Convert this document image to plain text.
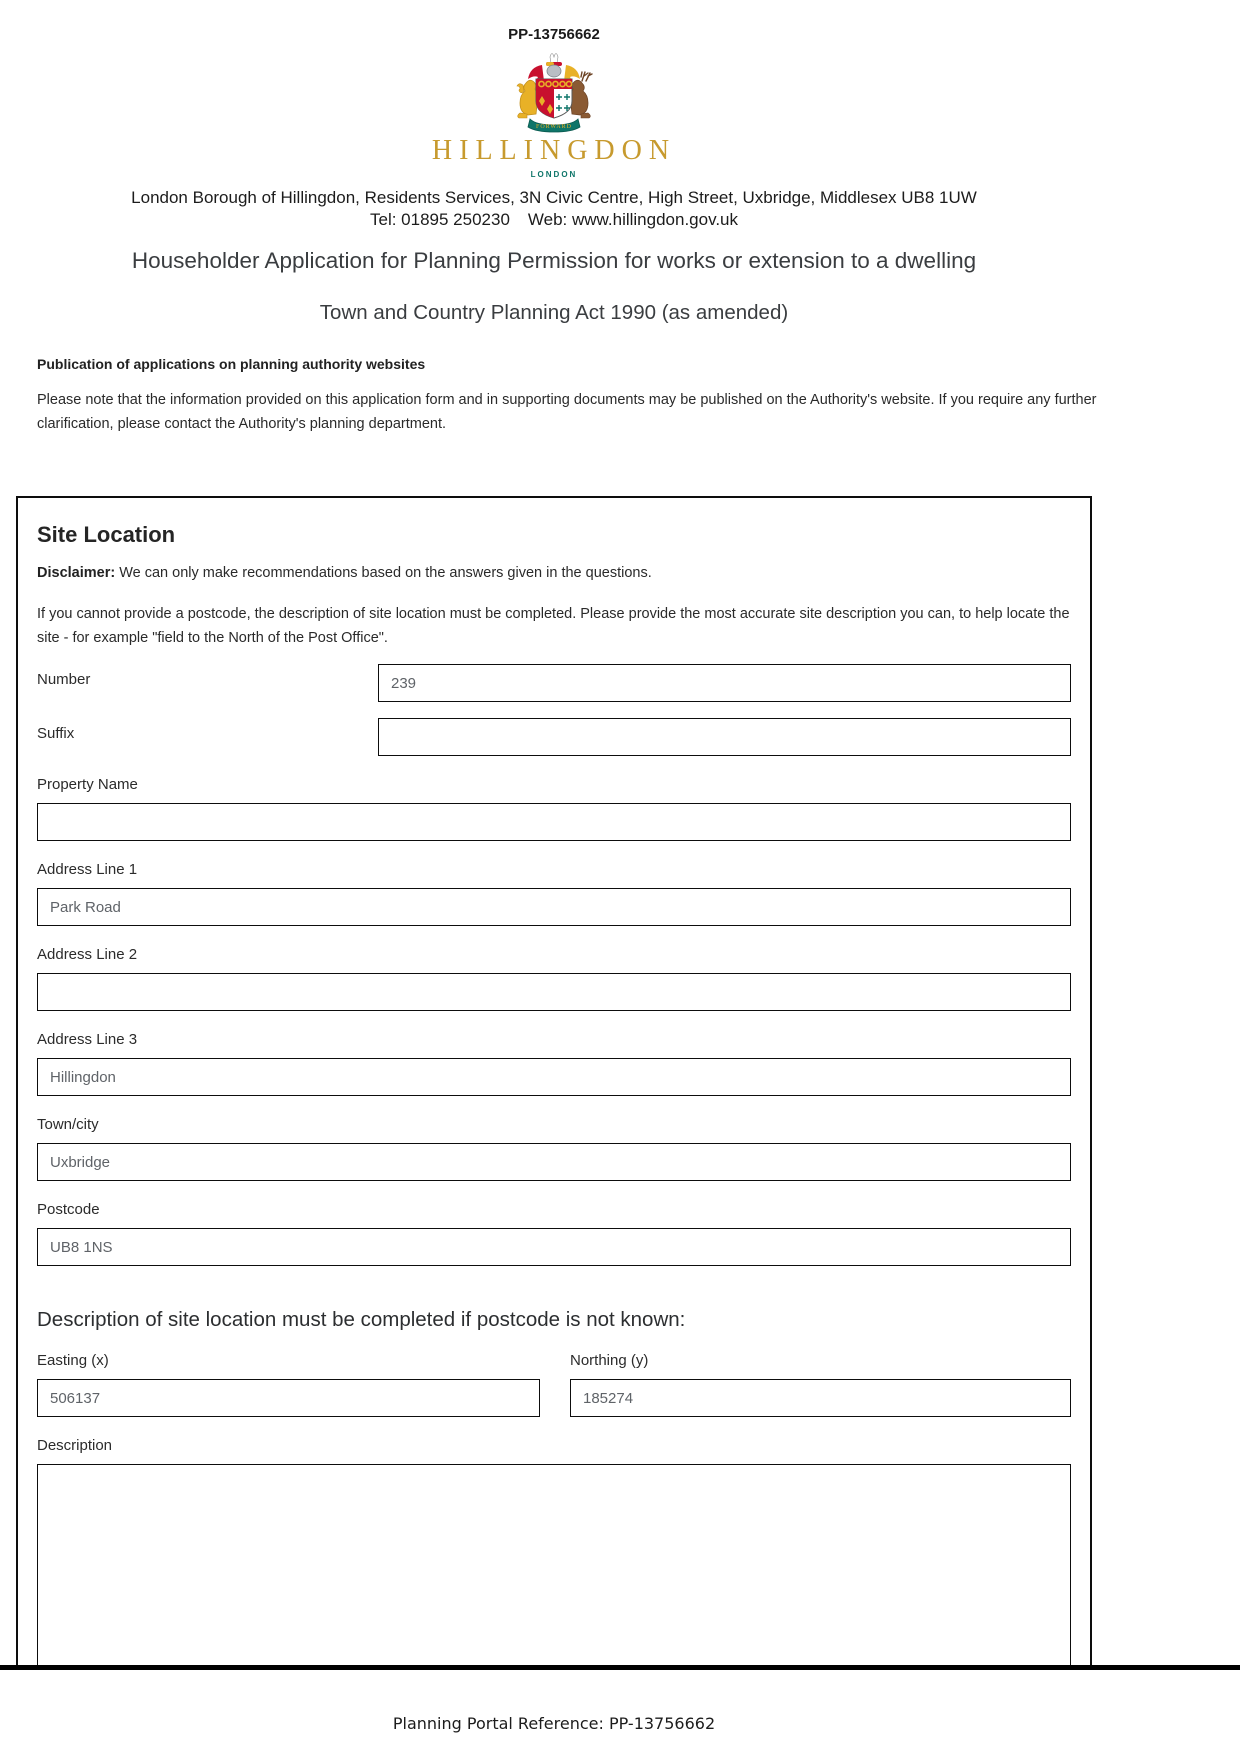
PP-13756662
FORWARD
HILLINGDON
LONDON
London Borough of Hillingdon, Residents Services, 3N Civic Centre, High Street, Uxbridge, Middlesex UB8 1UW
Tel: 01895 250230 Web: www.hillingdon.gov.uk
Householder Application for Planning Permission for works or extension to a dwelling
Town and Country Planning Act 1990 (as amended)
Publication of applications on planning authority websites
Please note that the information provided on this application form and in supporting documents may be published on the Authority's website. If you require any further clarification, please contact the Authority's planning department.
Site Location
Disclaimer: We can only make recommendations based on the answers given in the questions.
If you cannot provide a postcode, the description of site location must be completed. Please provide the most accurate site description you can, to help locate the site - for example "field to the North of the Post Office".
Number
239
Suffix
Property Name
Address Line 1
Park Road
Address Line 2
Address Line 3
Hillingdon
Town/city
Uxbridge
Postcode
UB8 1NS
Description of site location must be completed if postcode is not known:
Easting (x)
506137	Northing (y)
185274
Description
Planning Portal Reference: PP-13756662
